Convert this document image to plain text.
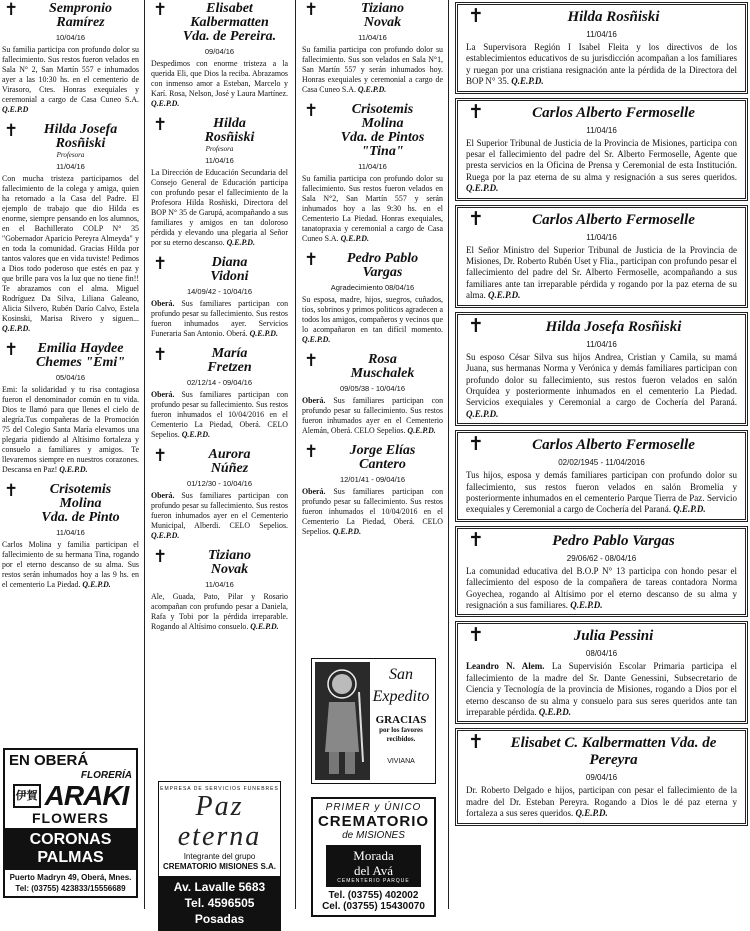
✝	Sempronio
Ramírez
10/04/16
Su familia participa con profundo dolor su fallecimiento. Sus restos fueron velados en Sala N° 2, San Martín 557 e inhumados ayer a las 10:30 hs. en el cementerio de Virasoro, Ctes. Honras exequiales y ceremonial a cargo de Casa Cuneo S.A. Q.E.P.D
✝	Hilda Josefa
Rosñiski
Profesora
11/04/16
Con mucha tristeza participamos del fallecimiento de la colega y amiga, quien ha retornado a la Casa del Padre. El ejemplo de trabajo que dio Hilda es enorme, siempre pensando en los alumnos, en el Bachillerato COLP N° 35 "Gobernador Aparicio Pereyra Almeyda" y en toda la comunidad. Gracias Hilda por tantos valores que en vida tuviste! Pedimos a Dios todo poderoso que estés en paz y que brille para vos la luz que no tiene fin!! Te abrazamos con el alma. Miguel Rodríguez Da Silva, Liliana Galeano, Alicia Silvero, Rubén Darío Calvo, Estela Kosinski, Marisa Rivero y siguen... Q.E.P.D.
✝	Emilia Haydee
Chemes "Emi"
05/04/16
Emi: la solidaridad y tu risa contagiosa fueron el denominador común en tu vida. Dios te llamó para que llenes el cielo de alegría.Tus compañeras de la Promoción 75 del Colegio Santa María elevamos una plegaria pidiendo al Altísimo fortaleza y consuelo a familiares y amigos. Te llevaremos siempre en nuestros corazones. Descansa en Paz! Q.E.P.D.
✝	Crisotemis
Molina
Vda. de Pinto
11/04/16
Carlos Molina y familia participan el fallecimiento de su hermana Tina, rogando por el eterno descanso de su alma. Sus restos serán inhumados hoy a las 9 hs. en el cementerio La Piedad. Q.E.P.D.
EN OBERÁ
FLORERÍA
伊賀 ARAKI
FLOWERS
CORONAS
PALMAS
Puerto Madryn 49, Oberá, Mnes.
Tel: (03755) 423833/15556689
✝	Elisabet
Kalbermatten
Vda. de Pereira.
09/04/16
Despedimos con enorme tristeza a la querida Eli, que Dios la reciba. Abrazamos con inmenso amor a Esteban, Marcelo y Karí. Rosa, Nelson, José y Laura Martínez. Q.E.P.D.
✝	Hilda
Rosñiski
Profesora
11/04/16
La Dirección de Educación Secundaria del Consejo General de Educación participa con profundo pesar el fallecimiento de la Profesora Hilda Rosñiski, Directora del BOP N° 35 de Garupá, acompañando a sus familiares y amigos en tan doloroso pérdida y elevando una plegaria al Señor por su eterno descanso. Q.E.P.D.
✝	Diana
Vidoni
14/09/42 - 10/04/16
Oberá. Sus familiares participan con profundo pesar su fallecimiento. Sus restos fueron inhumados ayer. Servicios Funeraria San Antonio. Oberá. Q.E.P.D.
✝	María
Fretzen
02/12/14 - 09/04/16
Oberá. Sus familiares participan con profundo pesar su fallecimiento. Sus restos fueron inhumados el 10/04/2016 en el Cementerio La Piedad, Oberá. CELO Sepelios. Q.E.P.D.
✝	Aurora
Núñez
01/12/30 - 10/04/16
Oberá. Sus familiares participan con profundo pesar su fallecimiento. Sus restos fueron inhumados ayer en el Cementerio Municipal, Alberdi. CELO Sepelios. Q.E.P.D.
✝	Tiziano
Novak
11/04/16
Ale, Guada, Pato, Pilar y Rosario acompañan con profundo pesar a Daniela, Rafa y Tobi por la pérdida irreparable. Rogando al Altísimo consuelo. Q.E.P.D.
EMPRESA DE SERVICIOS FUNEBRES
Paz eterna
Integrante del grupo
CREMATORIO MISIONES S.A.
Av. Lavalle 5683
Tel. 4596505 Posadas
✝	Tiziano
Novak
11/04/16
Su familia participa con profundo dolor su fallecimiento. Sus son velados en Sala N°1, San Martín 557 y serán inhumados hoy. Honras exequiales y ceremonial a cargo de Casa Cuneo S.A. Q.E.P.D.
✝	Crisotemis
Molina
Vda. de Pintos "Tina"
11/04/16
Su familia participa con profundo dolor su fallecimiento. Sus restos fueron velados en Sala N°2, San Martín 557 y serán inhumados hoy a las 9:30 hs. en el Cementerio La Piedad. Honras exequiales, tanatopraxia y ceremonial a cargo de Casa Cuneo S.A. Q.E.P.D.
✝	Pedro Pablo
Vargas
Agradecimiento 08/04/16
Su esposa, madre, hijos, suegros, cuñados, tíos, sobrinos y primos politicos agradecen a todos los amigos, compañeros y vecinos que lo acompañaron en tan difícil momento. Q.E.P.D.
✝	Rosa
Muschalek
09/05/38 - 10/04/16
Oberá. Sus familiares participan con profundo pesar su fallecimiento. Sus restos fueron inhumados ayer en el Cementerio Alemán, Oberá. CELO Sepelios. Q.E.P.D.
✝	Jorge Elías
Cantero
12/01/41 - 09/04/16
Oberá. Sus familiares participan con profundo pesar su fallecimiento. Sus restos fueron inhumados el 10/04/2016 en el Cementerio La Piedad, Oberá. CELO Sepelios. Q.E.P.D.
San
Expedito
GRACIAS
por los favores
recibidos.
VIVIANA
PRIMER y ÚNICO
CREMATORIO
de MISIONES
Morada
del Avá
CEMENTERIO PARQUE
Tel. (03755) 402002
Cel. (03755) 15430070
✝	Hilda Rosñiski
11/04/16
La Supervisora Región I Isabel Fleita y los directivos de los establecimientos educativos de su jurisdicción acompañan a los familiares y ruegan por una cristiana resignación ante la pérdida de la Directora del BOP N° 35. Q.E.P.D.
✝	Carlos Alberto Fermoselle
11/04/16
El Superior Tribunal de Justicia de la Provincia de Misiones, participa con pesar el fallecimiento del padre del Sr. Alberto Fermoselle, Agente que presta servicios en la Oficina de Prensa y Ceremonial de esta Institución. Ruega por la paz eterna de su alma y resignación a sus seres queridos. Q.E.P.D.
✝	Carlos Alberto Fermoselle
11/04/16
El Señor Ministro del Superior Tribunal de Justicia de la Provincia de Misiones, Dr. Roberto Rubén Uset y Flia., participan con profundo pesar el fallecimiento del padre del Sr. Alberto Fermoselle, acompañando a sus familiares ante tan irreparable pérdida y rogando por la paz eterna de su alma. Q.E.P.D.
✝	Hilda Josefa Rosñiski
11/04/16
Su esposo César Silva sus hijos Andrea, Cristian y Camila, su mamá Juana, sus hermanas Norma y Verónica y demás familiares participan con profundo dolor su fallecimiento, sus restos fueron velados en salón Orquídea y posteriormente inhumados en el cementerio La Piedad. Servicios exequiales y Ceremonial a cargo de Cochería del Paraná. Q.E.P.D.
✝	Carlos Alberto Fermoselle
02/02/1945 - 11/04/2016
Tus hijos, esposa y demás familiares participan con profundo dolor su fallecimiento, sus restos fueron velados en salón Bromelia y posteriormente inhumados en el cementerio Parque Tierra de Paz. Servicio exequiales y Ceremonial a cargo de Cochería del Paraná. Q.E.P.D.
✝	Pedro Pablo Vargas
29/06/62 - 08/04/16
La comunidad educativa del B.O.P N° 13 participa con hondo pesar el fallecimiento del esposo de la compañera de tareas contadora Norma Goyechea, rogando al Altísimo por el eterno descanso de su alma y resignación a sus familiares. Q.E.P.D.
✝	Julia Pessini
08/04/16
Leandro N. Alem. La Supervisión Escolar Primaria participa el fallecimiento de la madre del Sr. Dante Genessini, Subsecretario de Ciencia y Tecnología de la provincia de Misiones, rogando a Dios por el eterno descanso de su alma y consuelo para sus seres queridos ante tan irreparable pérdida. Q.E.P.D.
✝	Elisabet C. Kalbermatten Vda. de Pereyra
09/04/16
Dr. Roberto Delgado e hijos, participan con pesar el fallecimiento de la madre del Dr. Esteban Pereyra. Rogando a Dios le dé paz eterna y fortaleza a sus seres queridos. Q.E.P.D.
